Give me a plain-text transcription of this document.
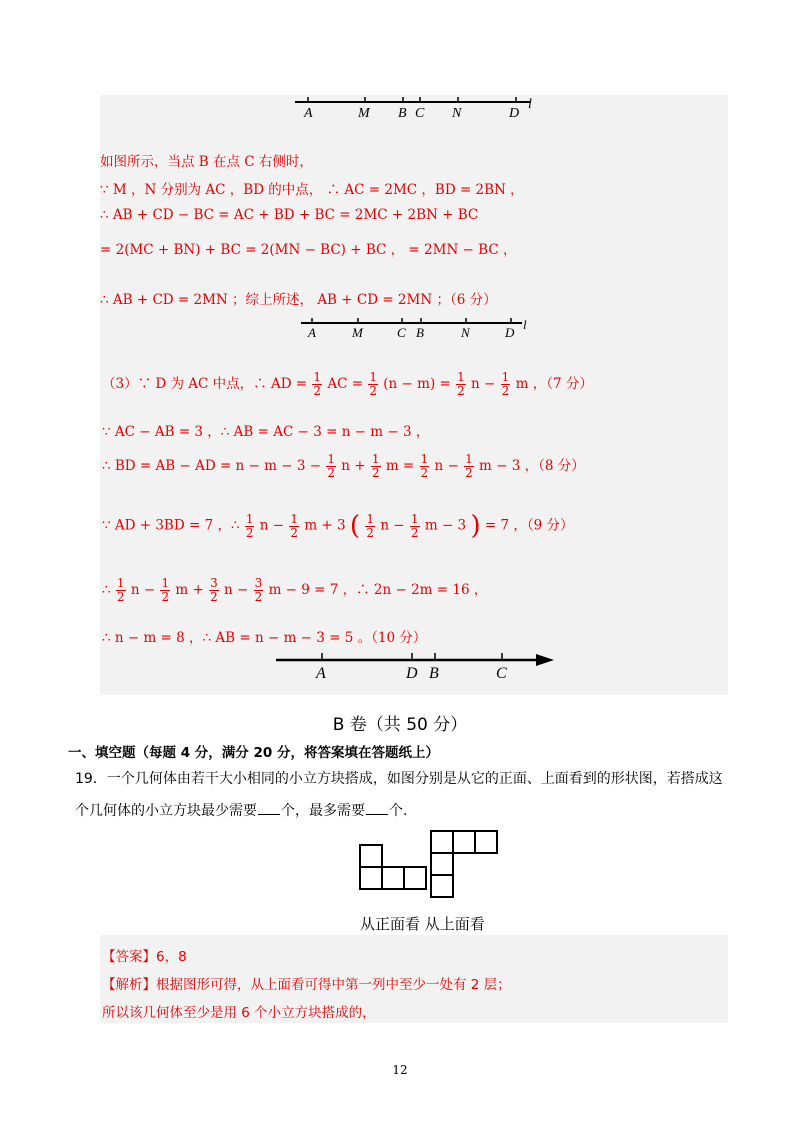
A	M B C N	D
l
如图所示，当点 B 在点 C 右侧时，
∵ M ，N 分别为 AC ，BD 的中点， ∴ AC = 2MC ，BD = 2BN ，
∴ AB + CD − BC = AC + BD + BC = 2MC + 2BN + BC
= 2(MC + BN) + BC = 2(MN − BC) + BC ， = 2MN − BC ，
∴ AB + CD = 2MN ；综上所述， AB + CD = 2MN ；（6 分）
A	M	C B	N	D
l
（3）∵ D 为 AC 中点，∴ AD = $\frac{1}{2}$ AC = $\frac{1}{2} (n - m) = \frac{1}{2}$ $n - \frac{1}{2}$ m ，（7 分）
∵ AC − AB = 3 ，∴ AB = AC − 3 = n − m − 3 ，
∴ BD = AB − AD = $n - m - 3 - \frac{1}{2}$ $n + \frac{1}{2}$ $m = \frac{1}{2}$ $n - \frac{1}{2}$ m − 3 ，（8 分）
∵ AD + 3BD = 7 ，∴ $\frac{1}{2}$ $n - \frac{1}{2}$ m + 3 ( $\frac{1}{2}$ $n - \frac{1}{2}$ m − 3 ) = 7 ，（9 分）
∴ $\frac{1}{2}$ $n - \frac{1}{2}$ $m + \frac{3}{2}$ $n - \frac{3}{2}$ m − 9 = 7 ，∴ 2n − 2m = 16 ，
∴ n − m = 8 ，∴ AB = n − m − 3 = 5 。（10 分）
A	D B	C
B 卷（共 50 分）
一、填空题（每题 4 分，满分 20 分，将答案填在答题纸上）
19．一个几何体由若干大小相同的小立方块搭成，如图分别是从它的正面、上面看到的形状图，若搭成这
个几何体的小立方块最少需要 个，最多需要 个.
从正面看 从上面看
【答案】6，8
【解析】根据图形可得，从上面看可得中第一列中至少一处有 2 层；
所以该几何体至少是用 6 个小立方块搭成的，
12
